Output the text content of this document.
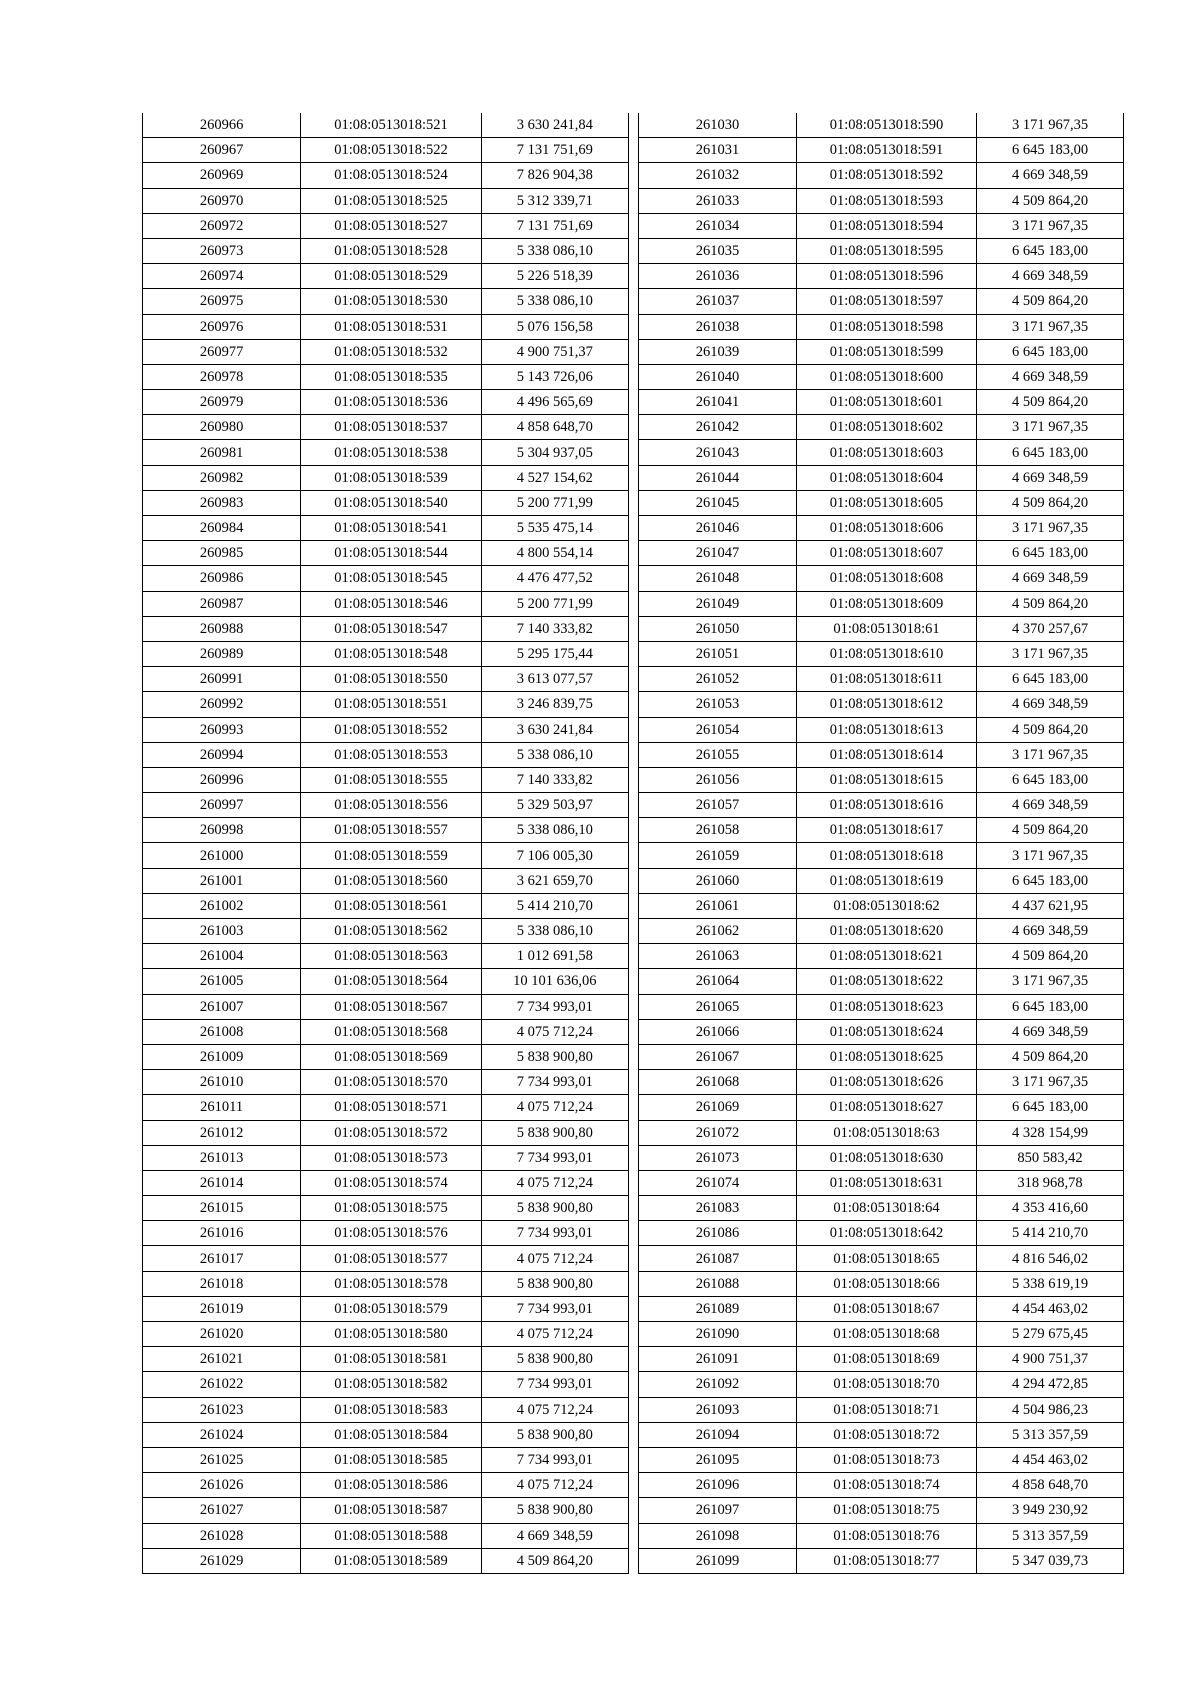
260966	01:08:0513018:521	3 630 241,84
260967	01:08:0513018:522	7 131 751,69
260969	01:08:0513018:524	7 826 904,38
260970	01:08:0513018:525	5 312 339,71
260972	01:08:0513018:527	7 131 751,69
260973	01:08:0513018:528	5 338 086,10
260974	01:08:0513018:529	5 226 518,39
260975	01:08:0513018:530	5 338 086,10
260976	01:08:0513018:531	5 076 156,58
260977	01:08:0513018:532	4 900 751,37
260978	01:08:0513018:535	5 143 726,06
260979	01:08:0513018:536	4 496 565,69
260980	01:08:0513018:537	4 858 648,70
260981	01:08:0513018:538	5 304 937,05
260982	01:08:0513018:539	4 527 154,62
260983	01:08:0513018:540	5 200 771,99
260984	01:08:0513018:541	5 535 475,14
260985	01:08:0513018:544	4 800 554,14
260986	01:08:0513018:545	4 476 477,52
260987	01:08:0513018:546	5 200 771,99
260988	01:08:0513018:547	7 140 333,82
260989	01:08:0513018:548	5 295 175,44
260991	01:08:0513018:550	3 613 077,57
260992	01:08:0513018:551	3 246 839,75
260993	01:08:0513018:552	3 630 241,84
260994	01:08:0513018:553	5 338 086,10
260996	01:08:0513018:555	7 140 333,82
260997	01:08:0513018:556	5 329 503,97
260998	01:08:0513018:557	5 338 086,10
261000	01:08:0513018:559	7 106 005,30
261001	01:08:0513018:560	3 621 659,70
261002	01:08:0513018:561	5 414 210,70
261003	01:08:0513018:562	5 338 086,10
261004	01:08:0513018:563	1 012 691,58
261005	01:08:0513018:564	10 101 636,06
261007	01:08:0513018:567	7 734 993,01
261008	01:08:0513018:568	4 075 712,24
261009	01:08:0513018:569	5 838 900,80
261010	01:08:0513018:570	7 734 993,01
261011	01:08:0513018:571	4 075 712,24
261012	01:08:0513018:572	5 838 900,80
261013	01:08:0513018:573	7 734 993,01
261014	01:08:0513018:574	4 075 712,24
261015	01:08:0513018:575	5 838 900,80
261016	01:08:0513018:576	7 734 993,01
261017	01:08:0513018:577	4 075 712,24
261018	01:08:0513018:578	5 838 900,80
261019	01:08:0513018:579	7 734 993,01
261020	01:08:0513018:580	4 075 712,24
261021	01:08:0513018:581	5 838 900,80
261022	01:08:0513018:582	7 734 993,01
261023	01:08:0513018:583	4 075 712,24
261024	01:08:0513018:584	5 838 900,80
261025	01:08:0513018:585	7 734 993,01
261026	01:08:0513018:586	4 075 712,24
261027	01:08:0513018:587	5 838 900,80
261028	01:08:0513018:588	4 669 348,59
261029	01:08:0513018:589	4 509 864,20
261030	01:08:0513018:590	3 171 967,35
261031	01:08:0513018:591	6 645 183,00
261032	01:08:0513018:592	4 669 348,59
261033	01:08:0513018:593	4 509 864,20
261034	01:08:0513018:594	3 171 967,35
261035	01:08:0513018:595	6 645 183,00
261036	01:08:0513018:596	4 669 348,59
261037	01:08:0513018:597	4 509 864,20
261038	01:08:0513018:598	3 171 967,35
261039	01:08:0513018:599	6 645 183,00
261040	01:08:0513018:600	4 669 348,59
261041	01:08:0513018:601	4 509 864,20
261042	01:08:0513018:602	3 171 967,35
261043	01:08:0513018:603	6 645 183,00
261044	01:08:0513018:604	4 669 348,59
261045	01:08:0513018:605	4 509 864,20
261046	01:08:0513018:606	3 171 967,35
261047	01:08:0513018:607	6 645 183,00
261048	01:08:0513018:608	4 669 348,59
261049	01:08:0513018:609	4 509 864,20
261050	01:08:0513018:61	4 370 257,67
261051	01:08:0513018:610	3 171 967,35
261052	01:08:0513018:611	6 645 183,00
261053	01:08:0513018:612	4 669 348,59
261054	01:08:0513018:613	4 509 864,20
261055	01:08:0513018:614	3 171 967,35
261056	01:08:0513018:615	6 645 183,00
261057	01:08:0513018:616	4 669 348,59
261058	01:08:0513018:617	4 509 864,20
261059	01:08:0513018:618	3 171 967,35
261060	01:08:0513018:619	6 645 183,00
261061	01:08:0513018:62	4 437 621,95
261062	01:08:0513018:620	4 669 348,59
261063	01:08:0513018:621	4 509 864,20
261064	01:08:0513018:622	3 171 967,35
261065	01:08:0513018:623	6 645 183,00
261066	01:08:0513018:624	4 669 348,59
261067	01:08:0513018:625	4 509 864,20
261068	01:08:0513018:626	3 171 967,35
261069	01:08:0513018:627	6 645 183,00
261072	01:08:0513018:63	4 328 154,99
261073	01:08:0513018:630	850 583,42
261074	01:08:0513018:631	318 968,78
261083	01:08:0513018:64	4 353 416,60
261086	01:08:0513018:642	5 414 210,70
261087	01:08:0513018:65	4 816 546,02
261088	01:08:0513018:66	5 338 619,19
261089	01:08:0513018:67	4 454 463,02
261090	01:08:0513018:68	5 279 675,45
261091	01:08:0513018:69	4 900 751,37
261092	01:08:0513018:70	4 294 472,85
261093	01:08:0513018:71	4 504 986,23
261094	01:08:0513018:72	5 313 357,59
261095	01:08:0513018:73	4 454 463,02
261096	01:08:0513018:74	4 858 648,70
261097	01:08:0513018:75	3 949 230,92
261098	01:08:0513018:76	5 313 357,59
261099	01:08:0513018:77	5 347 039,73
